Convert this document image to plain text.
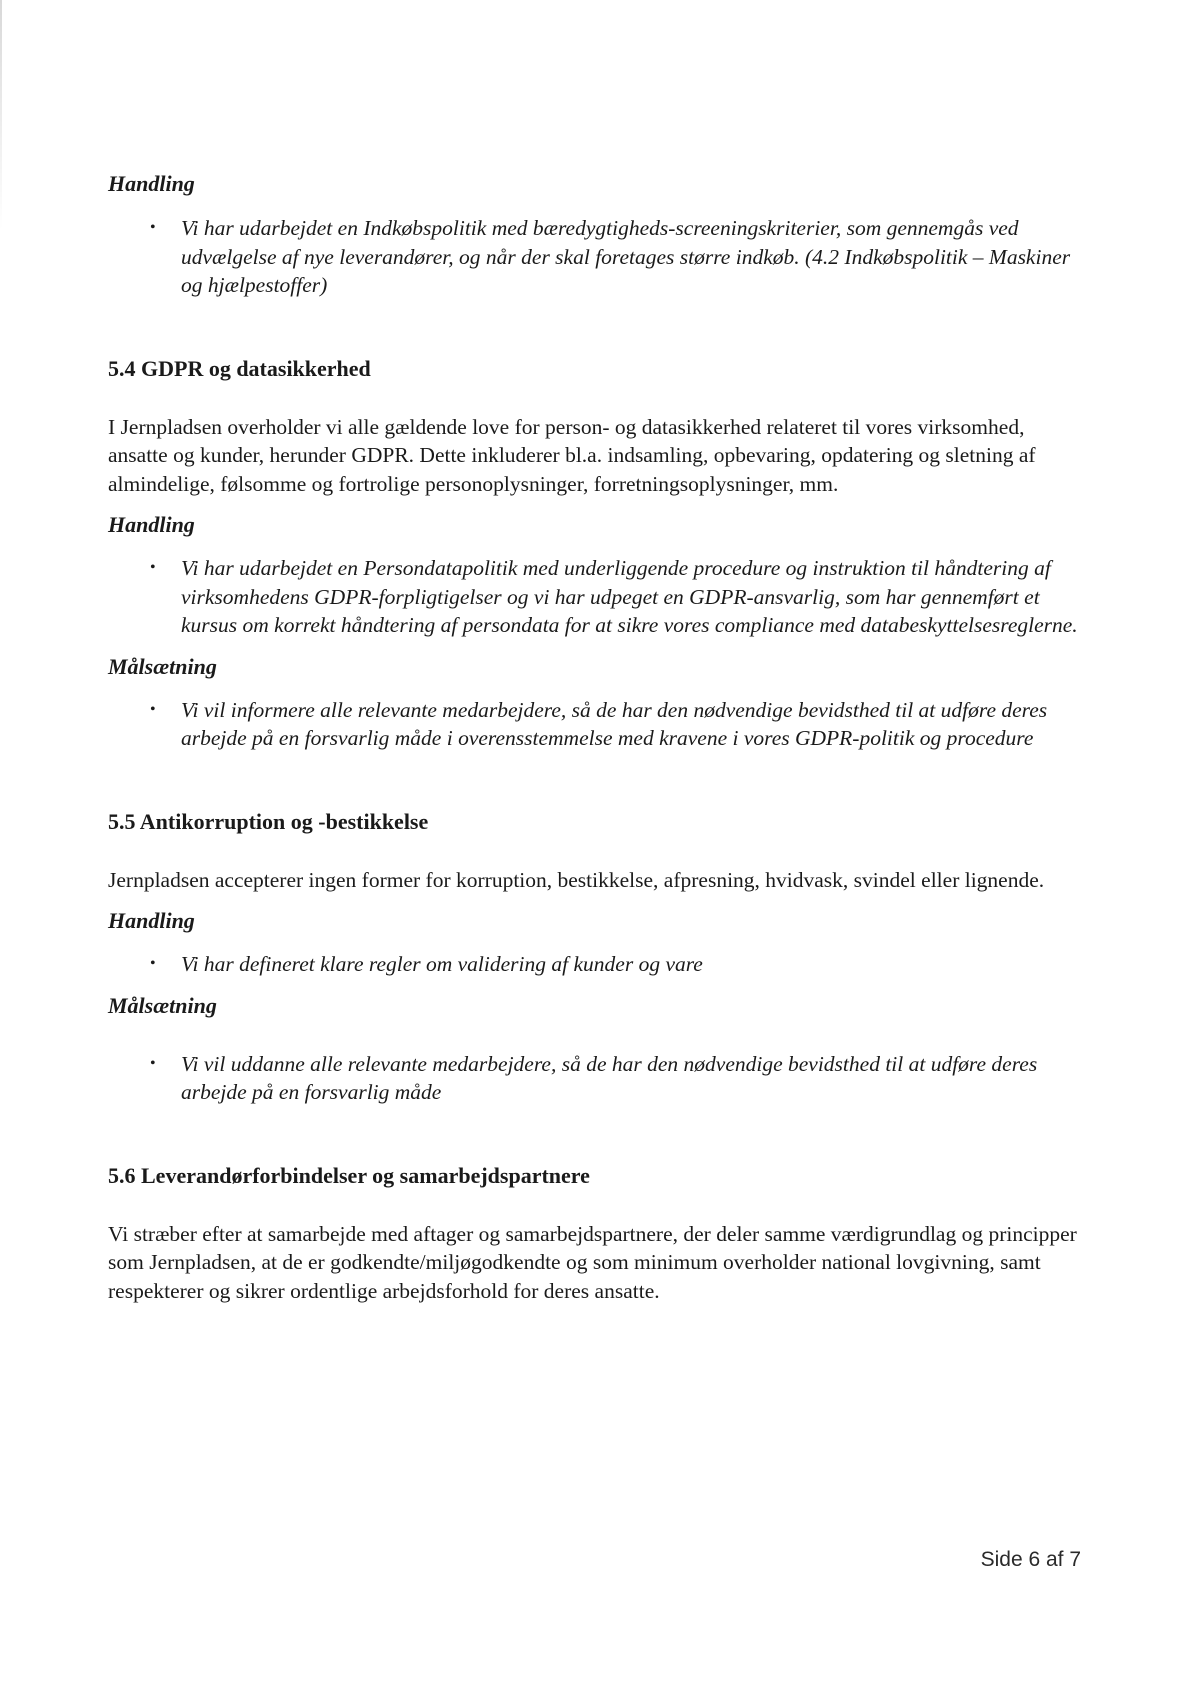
Handling

• Vi har udarbejdet en Indkøbspolitik med bæredygtigheds-screeningskriterier, som gennemgås ved udvælgelse af nye leverandører, og når der skal foretages større indkøb. (4.2 Indkøbspolitik – Maskiner og hjælpestoffer)

5.4 GDPR og datasikkerhed

I Jernpladsen overholder vi alle gældende love for person- og datasikkerhed relateret til vores virksomhed, ansatte og kunder, herunder GDPR. Dette inkluderer bl.a. indsamling, opbevaring, opdatering og sletning af almindelige, følsomme og fortrolige personoplysninger, forretningsoplysninger, mm.

Handling

• Vi har udarbejdet en Persondatapolitik med underliggende procedure og instruktion til håndtering af virksomhedens GDPR-forpligtigelser og vi har udpeget en GDPR-ansvarlig, som har gennemført et kursus om korrekt håndtering af persondata for at sikre vores compliance med databeskyttelsesreglerne.

Målsætning

• Vi vil informere alle relevante medarbejdere, så de har den nødvendige bevidsthed til at udføre deres arbejde på en forsvarlig måde i overensstemmelse med kravene i vores GDPR-politik og procedure

5.5 Antikorruption og -bestikkelse

Jernpladsen accepterer ingen former for korruption, bestikkelse, afpresning, hvidvask, svindel eller lignende.

Handling

• Vi har defineret klare regler om validering af kunder og vare

Målsætning

• Vi vil uddanne alle relevante medarbejdere, så de har den nødvendige bevidsthed til at udføre deres arbejde på en forsvarlig måde

5.6 Leverandørforbindelser og samarbejdspartnere

Vi stræber efter at samarbejde med aftager og samarbejdspartnere, der deler samme værdigrundlag og principper som Jernpladsen, at de er godkendte/miljøgodkendte og som minimum overholder national lovgivning, samt respekterer og sikrer ordentlige arbejdsforhold for deres ansatte.

Side 6 af 7
